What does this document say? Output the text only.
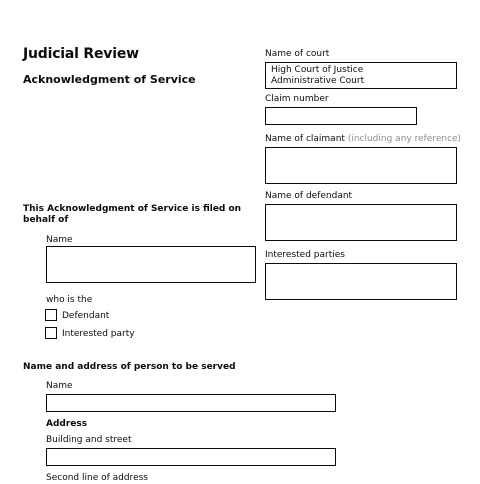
Judicial Review
Acknowledgment of Service
Name of court
High Court of Justice
Administrative Court
Claim number
Name of claimant (including any reference)
Name of defendant
Interested parties
This Acknowledgment of Service is filed on
behalf of
Name
who is the
Defendant
Interested party
Name and address of person to be served
Name
Address
Building and street
Second line of address
